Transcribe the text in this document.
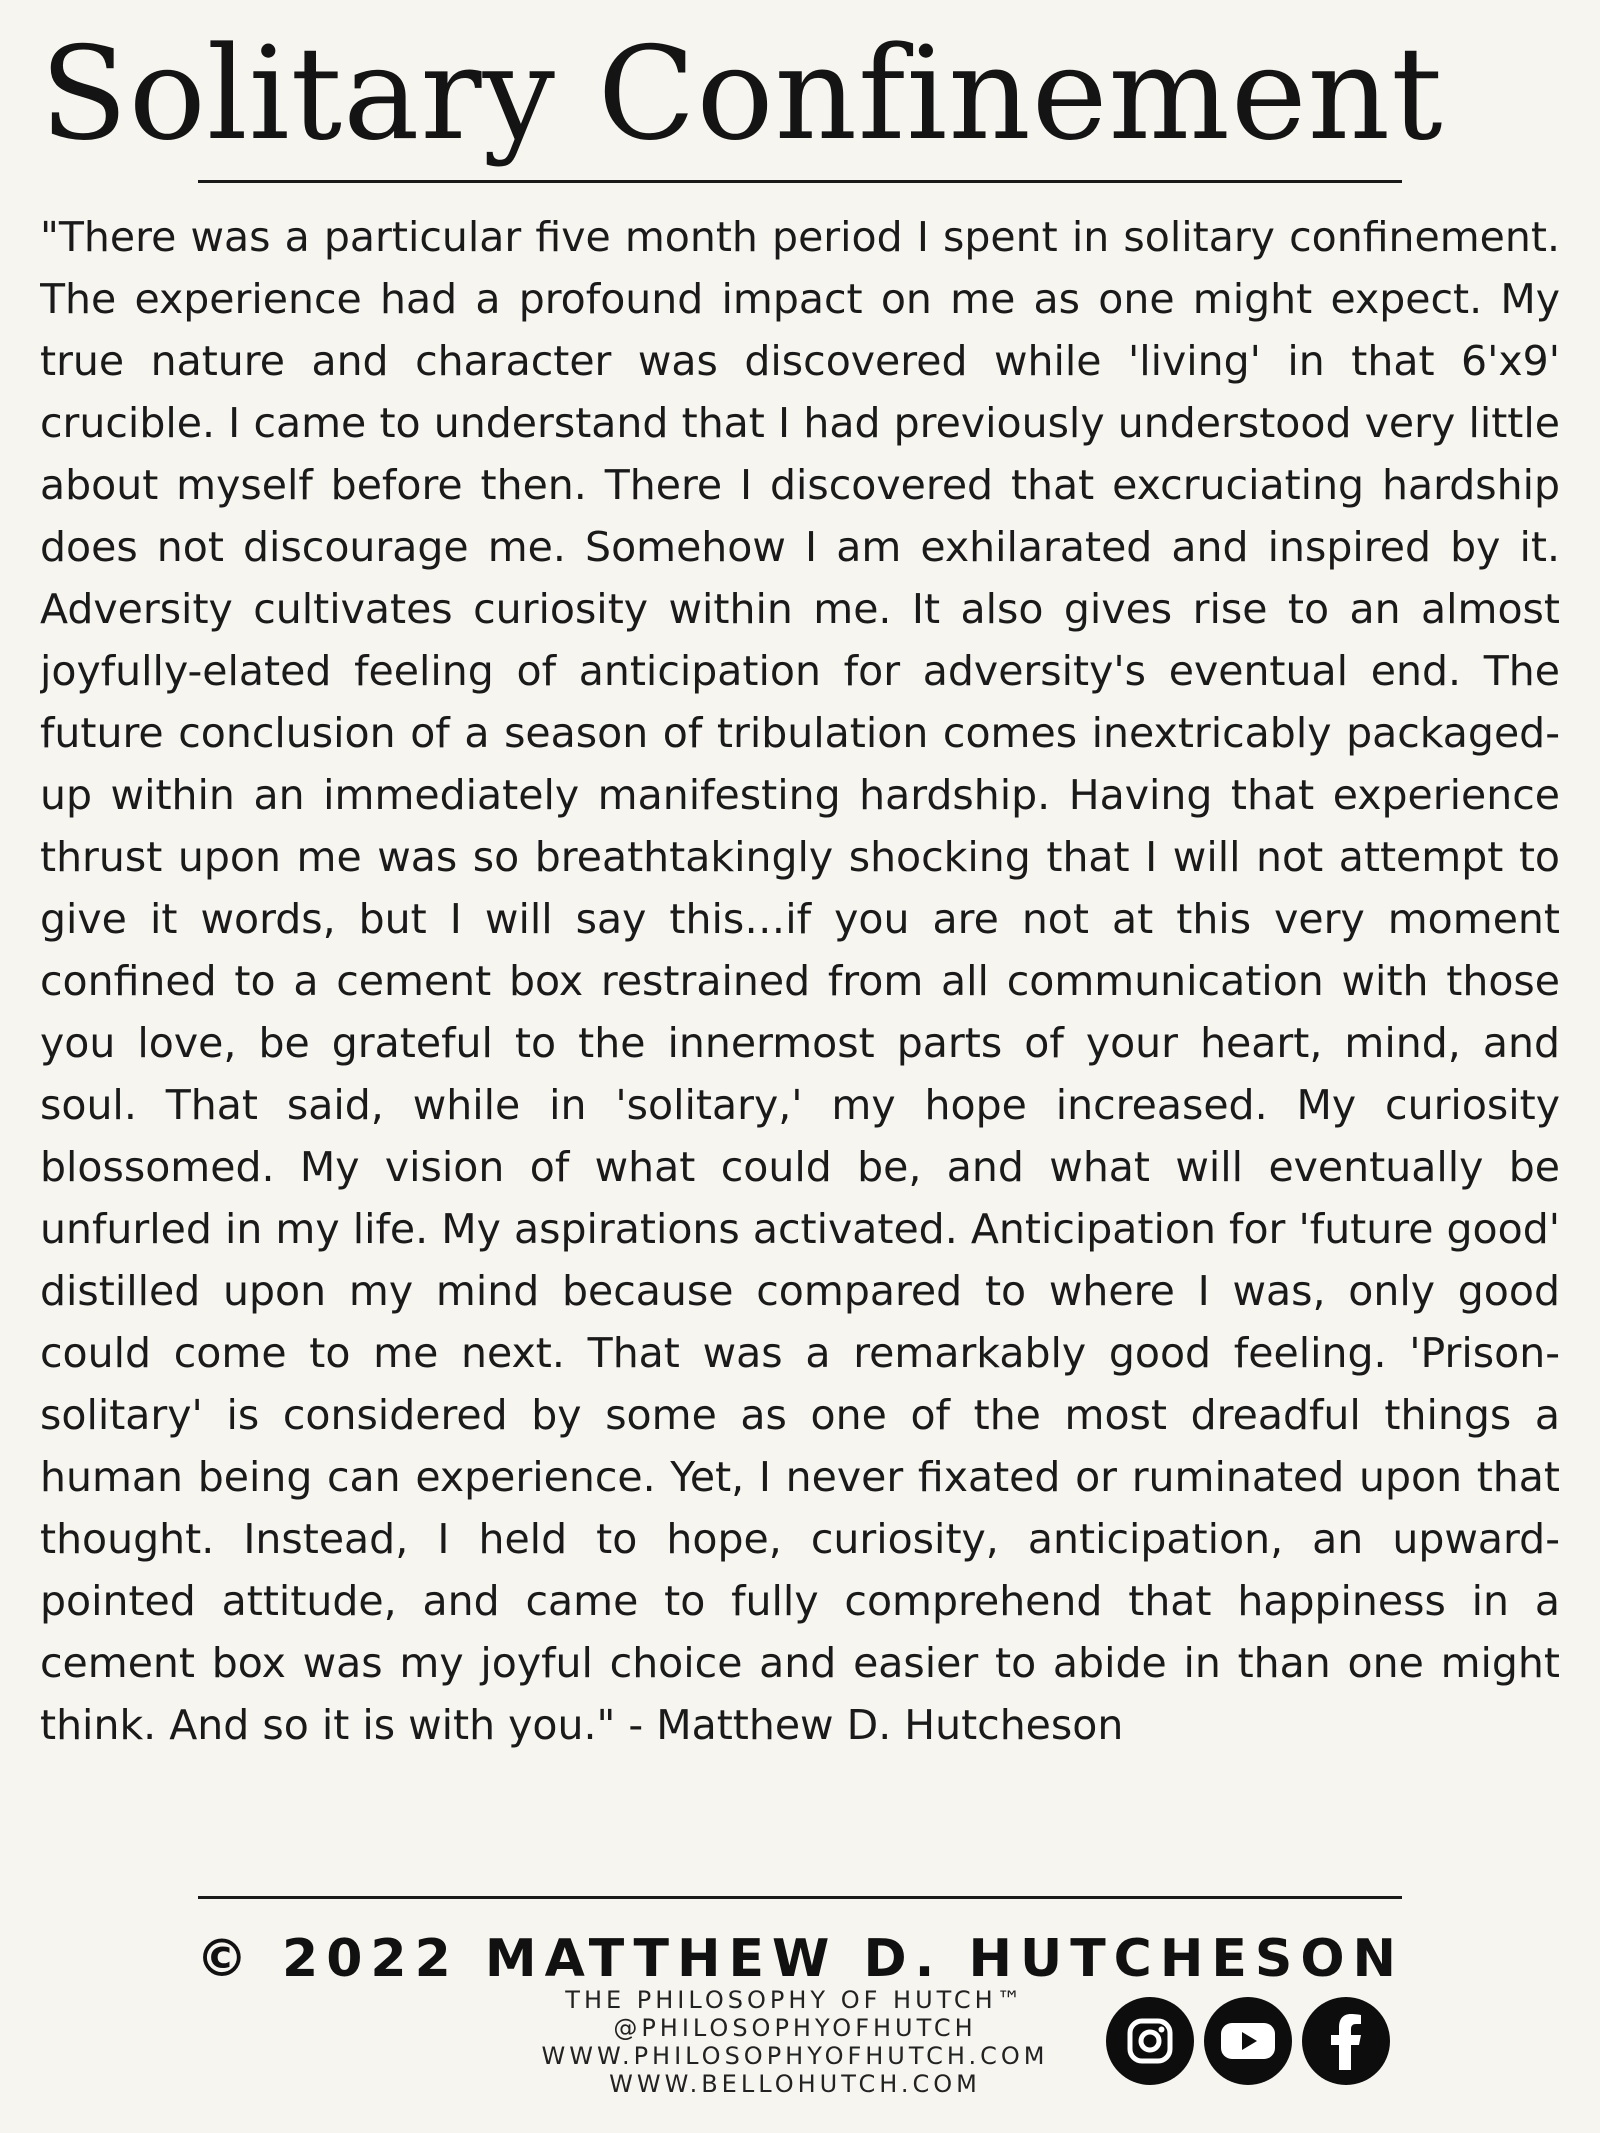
Solitary Confinement

"There was a particular five month period I spent in solitary confinement. The experience had a profound impact on me as one might expect. My true nature and character was discovered while 'living' in that 6'x9' crucible. I came to understand that I had previously understood very little about myself before then. There I discovered that excruciating hardship does not discourage me. Somehow I am exhilarated and inspired by it. Adversity cultivates curiosity within me. It also gives rise to an almost joyfully-elated feeling of anticipation for adversity's eventual end. The future conclusion of a season of tribulation comes inextricably packaged-up within an immediately manifesting hardship. Having that experience thrust upon me was so breathtakingly shocking that I will not attempt to give it words, but I will say this…if you are not at this very moment confined to a cement box restrained from all communication with those you love, be grateful to the innermost parts of your heart, mind, and soul. That said, while in 'solitary,' my hope increased. My curiosity blossomed. My vision of what could be, and what will eventually be unfurled in my life. My aspirations activated. Anticipation for 'future good' distilled upon my mind because compared to where I was, only good could come to me next. That was a remarkably good feeling. 'Prison-solitary' is considered by some as one of the most dreadful things a human being can experience. Yet, I never fixated or ruminated upon that thought. Instead, I held to hope, curiosity, anticipation, an upward-pointed attitude, and came to fully comprehend that happiness in a cement box was my joyful choice and easier to abide in than one might think. And so it is with you." - Matthew D. Hutcheson

© 2022 MATTHEW D. HUTCHESON
THE PHILOSOPHY OF HUTCH™
@PHILOSOPHYOFHUTCH
WWW.PHILOSOPHYOFHUTCH.COM
WWW.BELLOHUTCH.COM
